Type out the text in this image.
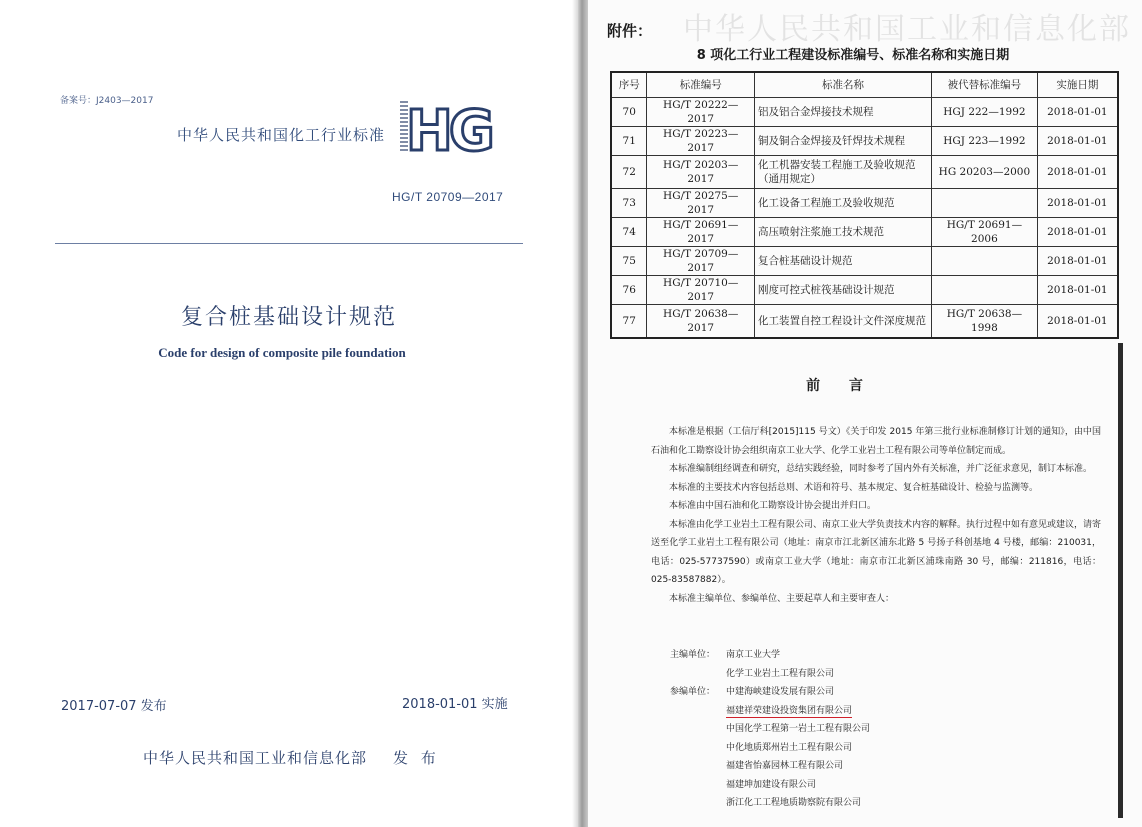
备案号：J2403—2017
中华人民共和国化工行业标准 HG
HG/T 20709—2017
复合桩基础设计规范
Code for design of composite pile foundation
2017-07-07 发布	2018-01-01 实施
中华人民共和国工业和信息化部 发 布
中华人民共和国工业和信息化部
附件：
8 项化工行业工程建设标准编号、标准名称和实施日期
序号	标准编号	标准名称	被代替标准编号	实施日期
70	HG/T 20222—2017	铝及铝合金焊接技术规程	HGJ 222—1992	2018-01-01
71	HG/T 20223—2017	铜及铜合金焊接及钎焊技术规程	HGJ 223—1992	2018-01-01
72	HG/T 20203—2017	化工机器安装工程施工及验收规范（通用规定）	HG 20203—2000	2018-01-01
73	HG/T 20275—2017	化工设备工程施工及验收规范		2018-01-01
74	HG/T 20691—2017	高压喷射注浆施工技术规范	HG/T 20691—2006	2018-01-01
75	HG/T 20709—2017	复合桩基础设计规范		2018-01-01
76	HG/T 20710—2017	刚度可控式桩筏基础设计规范		2018-01-01
77	HG/T 20638—2017	化工装置自控工程设计文件深度规范	HG/T 20638—1998	2018-01-01
前 言

本标准是根据（工信厅科[2015]115 号文）《关于印发 2015 年第三批行业标准制修订计划的通知》，由中国石油和化工勘察设计协会组织南京工业大学、化学工业岩土工程有限公司等单位制定而成。

本标准编制组经调查和研究，总结实践经验，同时参考了国内外有关标准，并广泛征求意见，制订本标准。

本标准的主要技术内容包括总则、术语和符号、基本规定、复合桩基础设计、检验与监测等。

本标准由中国石油和化工勘察设计协会提出并归口。

本标准由化学工业岩土工程有限公司、南京工业大学负责技术内容的解释。执行过程中如有意见或建议，请寄送至化学工业岩土工程有限公司（地址：南京市江北新区浦东北路 5 号扬子科创基地 4 号楼，邮编：210031，电话：025-57737590）或南京工业大学（地址：南京市江北新区浦珠南路 30 号，邮编：211816，电话：025-83587882）。

本标准主编单位、参编单位、主要起草人和主要审查人：

主编单位： 南京工业大学
化学工业岩土工程有限公司
参编单位： 中建海峡建设发展有限公司
福建祥荣建设投资集团有限公司
中国化学工程第一岩土工程有限公司
中化地质郑州岩土工程有限公司
福建省怡嘉园林工程有限公司
福建坤加建设有限公司
浙江化工工程地质勘察院有限公司
